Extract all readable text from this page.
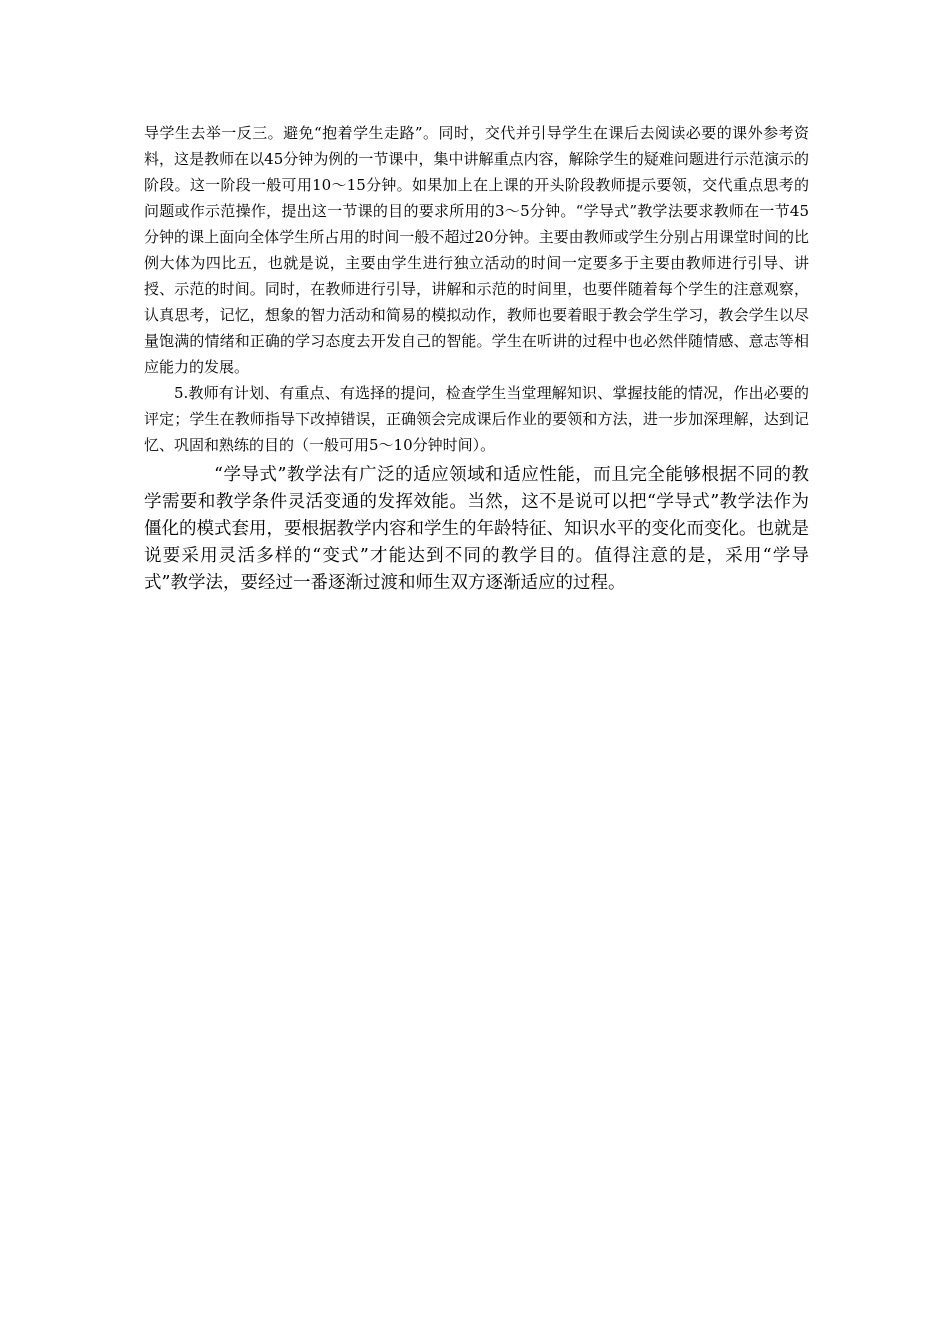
导学生去举一反三。避免“抱着学生走路”。同时，交代并引导学生在课后去阅读必要的课外参考资料，这是教师在以45分钟为例的一节课中，集中讲解重点内容，解除学生的疑难问题进行示范演示的阶段。这一阶段一般可用10～15分钟。如果加上在上课的开头阶段教师提示要领，交代重点思考的问题或作示范操作，提出这一节课的目的要求所用的3～5分钟。“学导式”教学法要求教师在一节45分钟的课上面向全体学生所占用的时间一般不超过20分钟。主要由教师或学生分别占用课堂时间的比例大体为四比五，也就是说，主要由学生进行独立活动的时间一定要多于主要由教师进行引导、讲授、示范的时间。同时，在教师进行引导，讲解和示范的时间里，也要伴随着每个学生的注意观察，认真思考，记忆，想象的智力活动和简易的模拟动作，教师也要着眼于教会学生学习，教会学生以尽量饱满的情绪和正确的学习态度去开发自己的智能。学生在听讲的过程中也必然伴随情感、意志等相应能力的发展。

5.教师有计划、有重点、有选择的提问，检查学生当堂理解知识、掌握技能的情况，作出必要的评定；学生在教师指导下改掉错误，正确领会完成课后作业的要领和方法，进一步加深理解，达到记忆、巩固和熟练的目的（一般可用5～10分钟时间）。

“学导式”教学法有广泛的适应领域和适应性能，而且完全能够根据不同的教学需要和教学条件灵活变通的发挥效能。当然，这不是说可以把“学导式”教学法作为僵化的模式套用，要根据教学内容和学生的年龄特征、知识水平的变化而变化。也就是说要采用灵活多样的“变式”才能达到不同的教学目的。值得注意的是，采用“学导式”教学法，要经过一番逐渐过渡和师生双方逐渐适应的过程。
